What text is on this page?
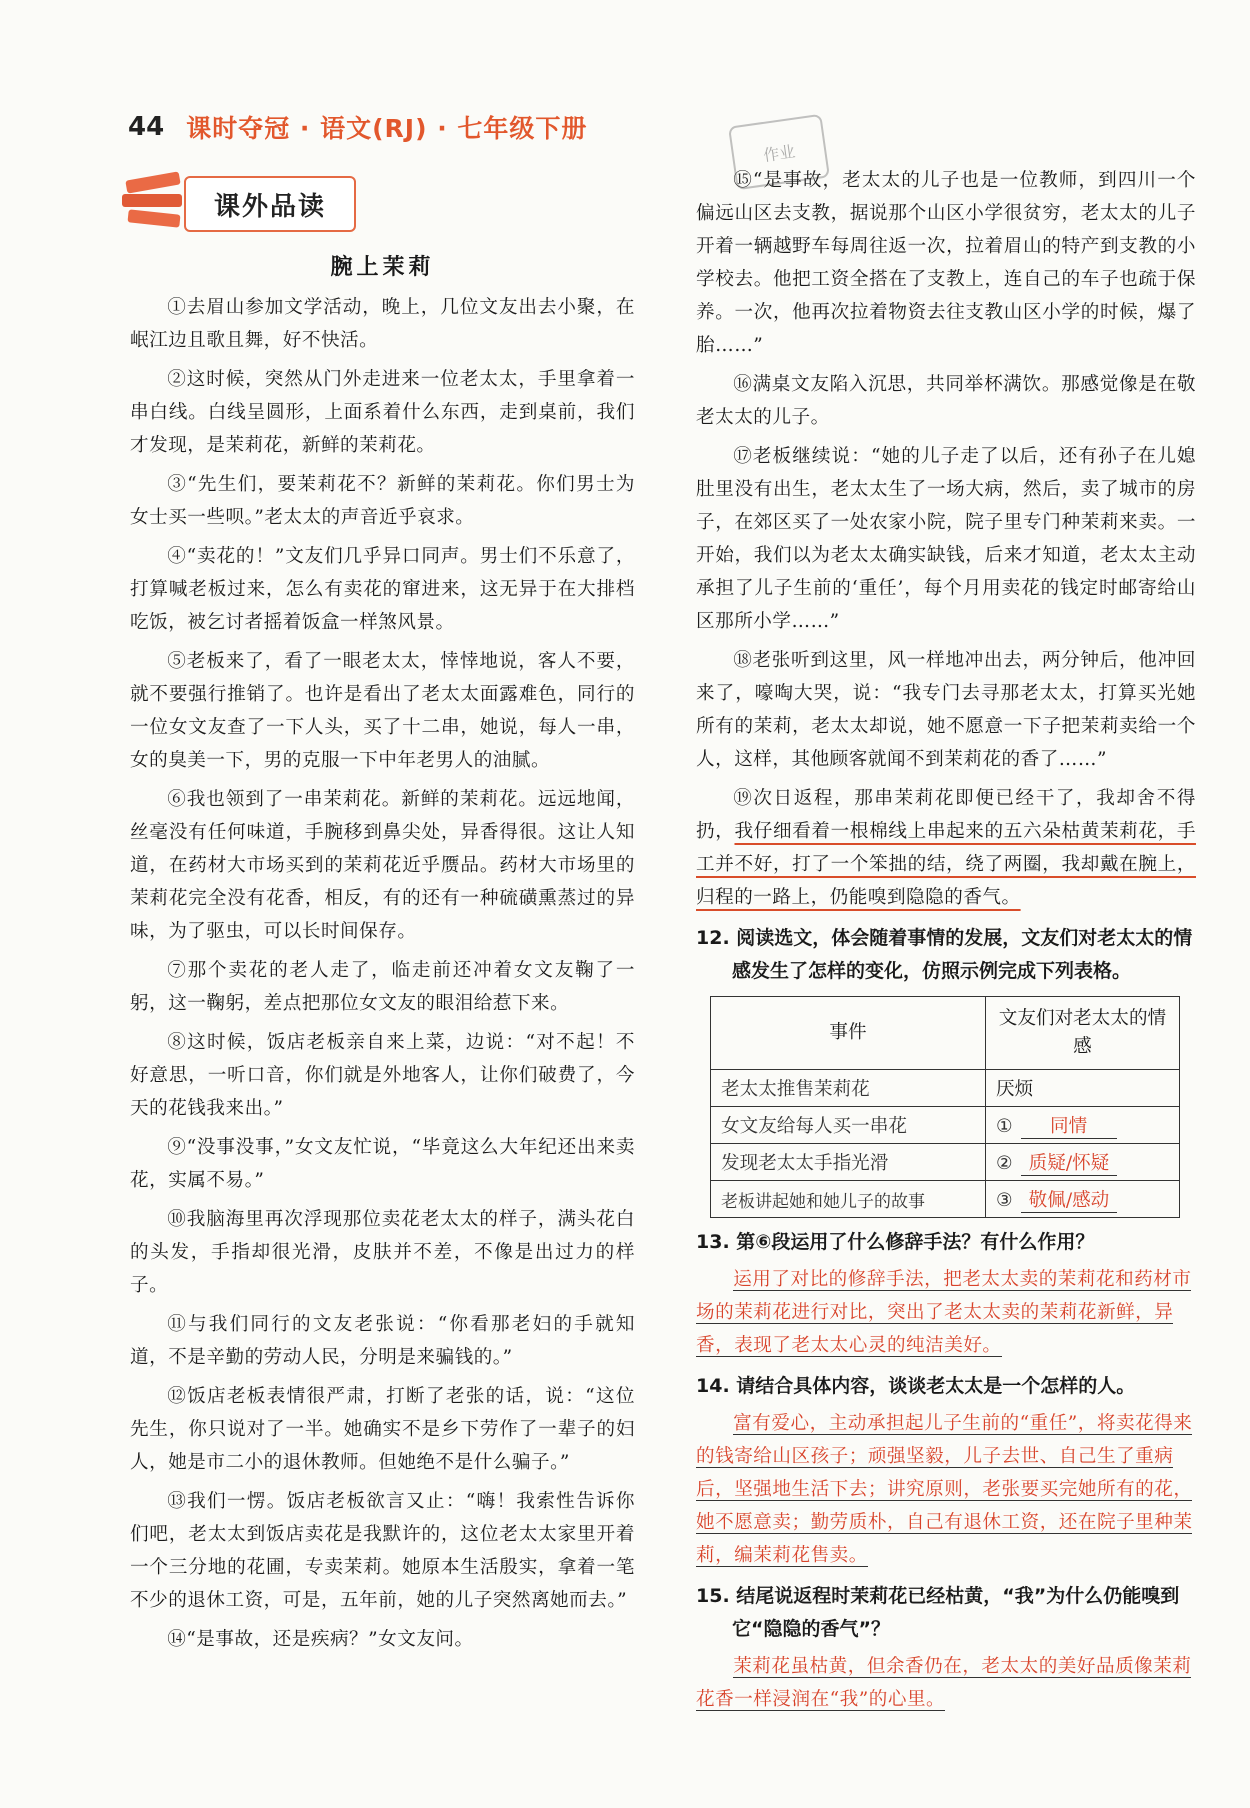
44 课时夺冠 · 语文(RJ) · 七年级下册
作业
课外品读
腕上茉莉

①去眉山参加文学活动，晚上，几位文友出去小聚，在岷江边且歌且舞，好不快活。

②这时候，突然从门外走进来一位老太太，手里拿着一串白线。白线呈圆形，上面系着什么东西，走到桌前，我们才发现，是茉莉花，新鲜的茉莉花。

③“先生们，要茉莉花不？新鲜的茉莉花。你们男士为女士买一些呗。”老太太的声音近乎哀求。

④“卖花的！”文友们几乎异口同声。男士们不乐意了，打算喊老板过来，怎么有卖花的窜进来，这无异于在大排档吃饭，被乞讨者摇着饭盒一样煞风景。

⑤老板来了，看了一眼老太太，悻悻地说，客人不要，就不要强行推销了。也许是看出了老太太面露难色，同行的一位女文友查了一下人头，买了十二串，她说，每人一串，女的臭美一下，男的克服一下中年老男人的油腻。

⑥我也领到了一串茉莉花。新鲜的茉莉花。远远地闻，丝毫没有任何味道，手腕移到鼻尖处，异香得很。这让人知道，在药材大市场买到的茉莉花近乎赝品。药材大市场里的茉莉花完全没有花香，相反，有的还有一种硫磺熏蒸过的异味，为了驱虫，可以长时间保存。

⑦那个卖花的老人走了，临走前还冲着女文友鞠了一躬，这一鞠躬，差点把那位女文友的眼泪给惹下来。

⑧这时候，饭店老板亲自来上菜，边说：“对不起！不好意思，一听口音，你们就是外地客人，让你们破费了，今天的花钱我来出。”

⑨“没事没事，”女文友忙说，“毕竟这么大年纪还出来卖花，实属不易。”

⑩我脑海里再次浮现那位卖花老太太的样子，满头花白的头发，手指却很光滑，皮肤并不差，不像是出过力的样子。

⑪与我们同行的文友老张说：“你看那老妇的手就知道，不是辛勤的劳动人民，分明是来骗钱的。”

⑫饭店老板表情很严肃，打断了老张的话，说：“这位先生，你只说对了一半。她确实不是乡下劳作了一辈子的妇人，她是市二小的退休教师。但她绝不是什么骗子。”

⑬我们一愣。饭店老板欲言又止：“嗨！我索性告诉你们吧，老太太到饭店卖花是我默许的，这位老太太家里开着一个三分地的花圃，专卖茉莉。她原本生活殷实，拿着一笔不少的退休工资，可是，五年前，她的儿子突然离她而去。”

⑭“是事故，还是疾病？”女文友问。

⑮“是事故，老太太的儿子也是一位教师，到四川一个偏远山区去支教，据说那个山区小学很贫穷，老太太的儿子开着一辆越野车每周往返一次，拉着眉山的特产到支教的小学校去。他把工资全搭在了支教上，连自己的车子也疏于保养。一次，他再次拉着物资去往支教山区小学的时候，爆了胎……”

⑯满桌文友陷入沉思，共同举杯满饮。那感觉像是在敬老太太的儿子。

⑰老板继续说：“她的儿子走了以后，还有孙子在儿媳肚里没有出生，老太太生了一场大病，然后，卖了城市的房子，在郊区买了一处农家小院，院子里专门种茉莉来卖。一开始，我们以为老太太确实缺钱，后来才知道，老太太主动承担了儿子生前的‘重任’，每个月用卖花的钱定时邮寄给山区那所小学……”

⑱老张听到这里，风一样地冲出去，两分钟后，他冲回来了，嚎啕大哭，说：“我专门去寻那老太太，打算买光她所有的茉莉，老太太却说，她不愿意一下子把茉莉卖给一个人，这样，其他顾客就闻不到茉莉花的香了……”

⑲次日返程，那串茉莉花即便已经干了，我却舍不得扔，我仔细看着一根棉线上串起来的五六朵枯黄茉莉花，手工并不好，打了一个笨拙的结，绕了两圈，我却戴在腕上，归程的一路上，仍能嗅到隐隐的香气。

12. 阅读选文，体会随着事情的发展，文友们对老太太的情感发生了怎样的变化，仿照示例完成下列表格。
事件	文友们对老太太的情感
老太太推售茉莉花	厌烦
女文友给每人买一串花	① 同情
发现老太太手指光滑	② 质疑/怀疑
老板讲起她和她儿子的故事	③ 敬佩/感动
13. 第⑥段运用了什么修辞手法？有什么作用？

运用了对比的修辞手法，把老太太卖的茉莉花和药材市场的茉莉花进行对比，突出了老太太卖的茉莉花新鲜，异香，表现了老太太心灵的纯洁美好。

14. 请结合具体内容，谈谈老太太是一个怎样的人。

富有爱心，主动承担起儿子生前的“重任”，将卖花得来的钱寄给山区孩子；顽强坚毅，儿子去世、自己生了重病后，坚强地生活下去；讲究原则，老张要买完她所有的花，她不愿意卖；勤劳质朴，自己有退休工资，还在院子里种茉莉，编茉莉花售卖。

15. 结尾说返程时茉莉花已经枯黄，“我”为什么仍能嗅到它“隐隐的香气”？

茉莉花虽枯黄，但余香仍在，老太太的美好品质像茉莉花香一样浸润在“我”的心里。
